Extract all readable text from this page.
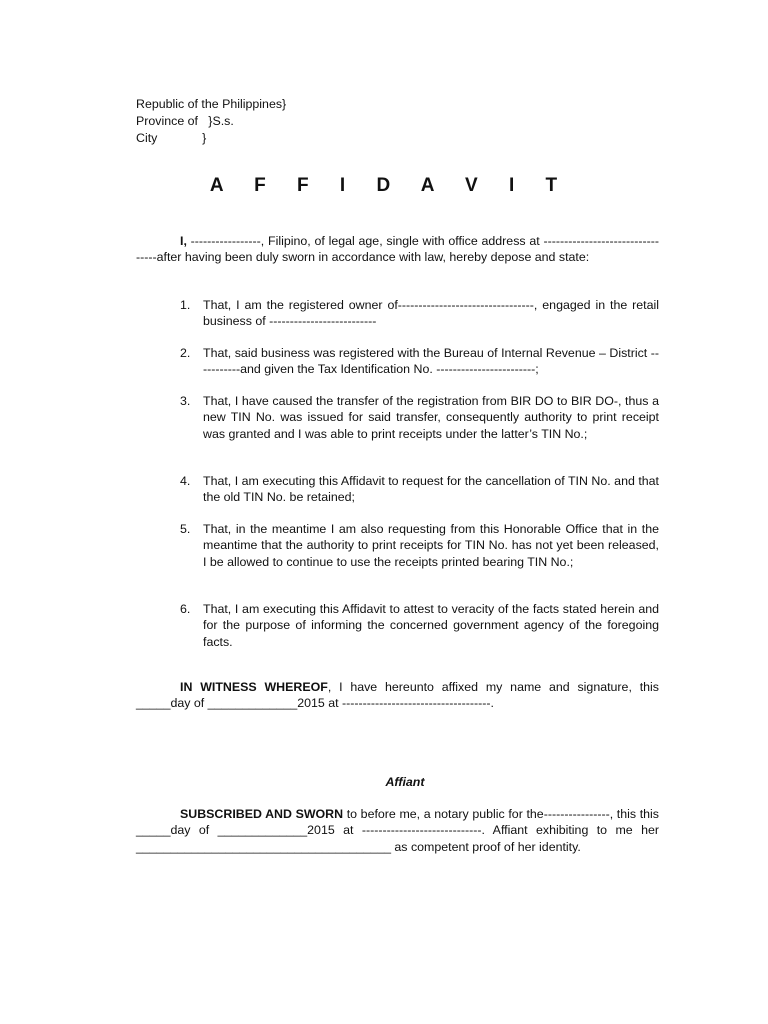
Republic of the Philippines}
Province of   }S.s.
City             }
A F F I D A V I T

I, -----------------, Filipino, of legal age, single with office address at ---------------------------------after having been duly sworn in accordance with law, hereby depose and state:

1.	That, I am the registered owner of---------------------------------, engaged in the retail business of --------------------------
2.	That, said business was registered with the Bureau of Internal Revenue – District -----------and given the Tax Identification No. ------------------------;
3.	That, I have caused the transfer of the registration from BIR DO to BIR DO-, thus a new TIN No. was issued for said transfer, consequently authority to print receipt was granted and I was able to print receipts under the latter’s TIN No.;
4.	That, I am executing this Affidavit to request for the cancellation of TIN No. and that the old TIN No. be retained;
5.	That, in the meantime I am also requesting from this Honorable Office that in the meantime that the authority to print receipts for TIN No. has not yet been released, I be allowed to continue to use the receipts printed bearing TIN No.;
6.	That, I am executing this Affidavit to attest to veracity of the facts stated herein and for the purpose of informing the concerned government agency of the foregoing facts.

IN WITNESS WHEREOF, I have hereunto affixed my name and signature, this _____day of _____________2015 at ------------------------------------.

Affiant

SUBSCRIBED AND SWORN to before me, a notary public for the----------------, this this _____day of _____________2015 at -----------------------------. Affiant exhibiting to me her _____________________________________ as competent proof of her identity.
